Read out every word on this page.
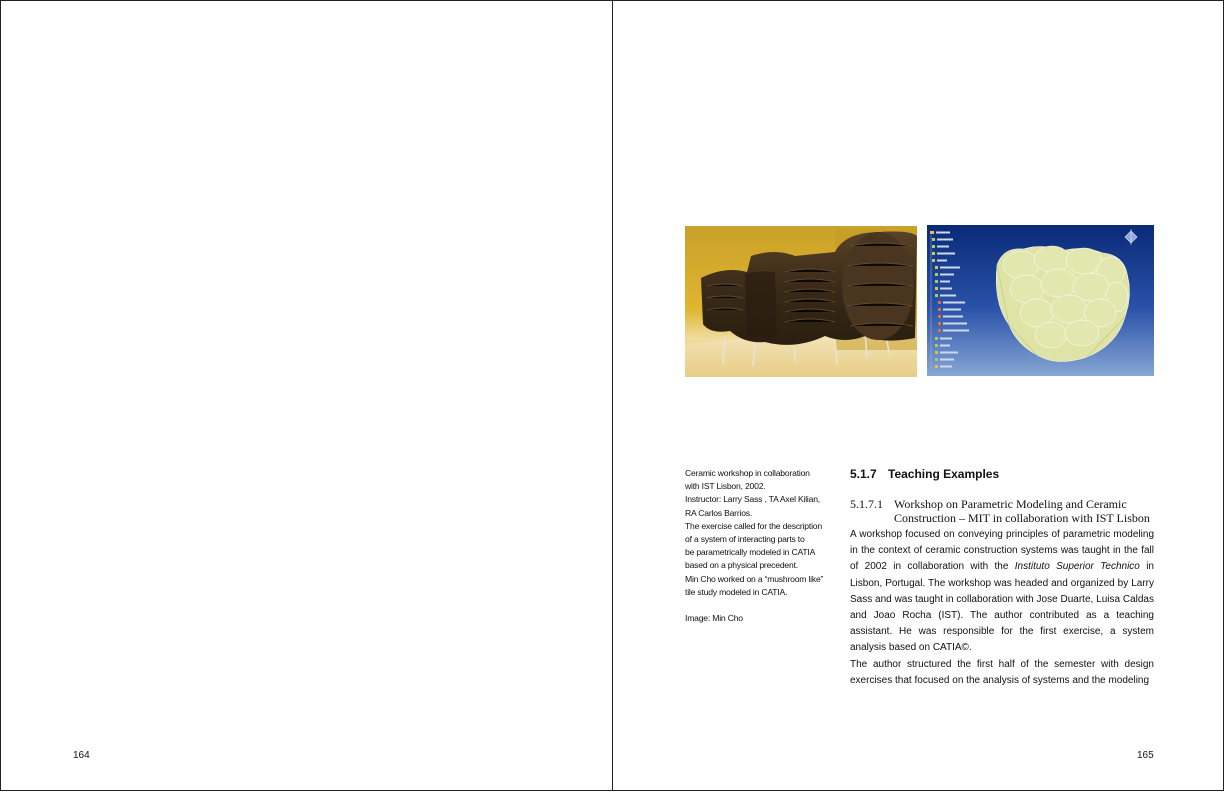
164

Ceramic workshop in collaboration

with IST Lisbon, 2002.

Instructor: Larry Sass , TA Axel Kilian,

RA Carlos Barrios.

The exercise called for the description

of a system of interacting parts to

be parametrically modeled in CATIA

based on a physical precedent.

Min Cho worked on a “mushroom like”

tile study modeled in CATIA.

Image: Min Cho

5.1.7 Teaching Examples
5.1.7.1 Workshop on Parametric Modeling and Ceramic
Construction – MIT in collaboration with IST Lisbon

A workshop focused on conveying principles of parametric modeling in the context of ceramic construction systems was taught in the fall of 2002 in collaboration with the Instituto Superior Technico in Lisbon, Portugal. The workshop was headed and organized by Larry Sass and was taught in collaboration with Jose Duarte, Luisa Caldas and Joao Rocha (IST). The author contributed as a teaching assistant. He was responsible for the first exercise, a system analysis based on CATIA©.

The author structured the first half of the semester with design exercises that focused on the analysis of systems and the modeling

165
